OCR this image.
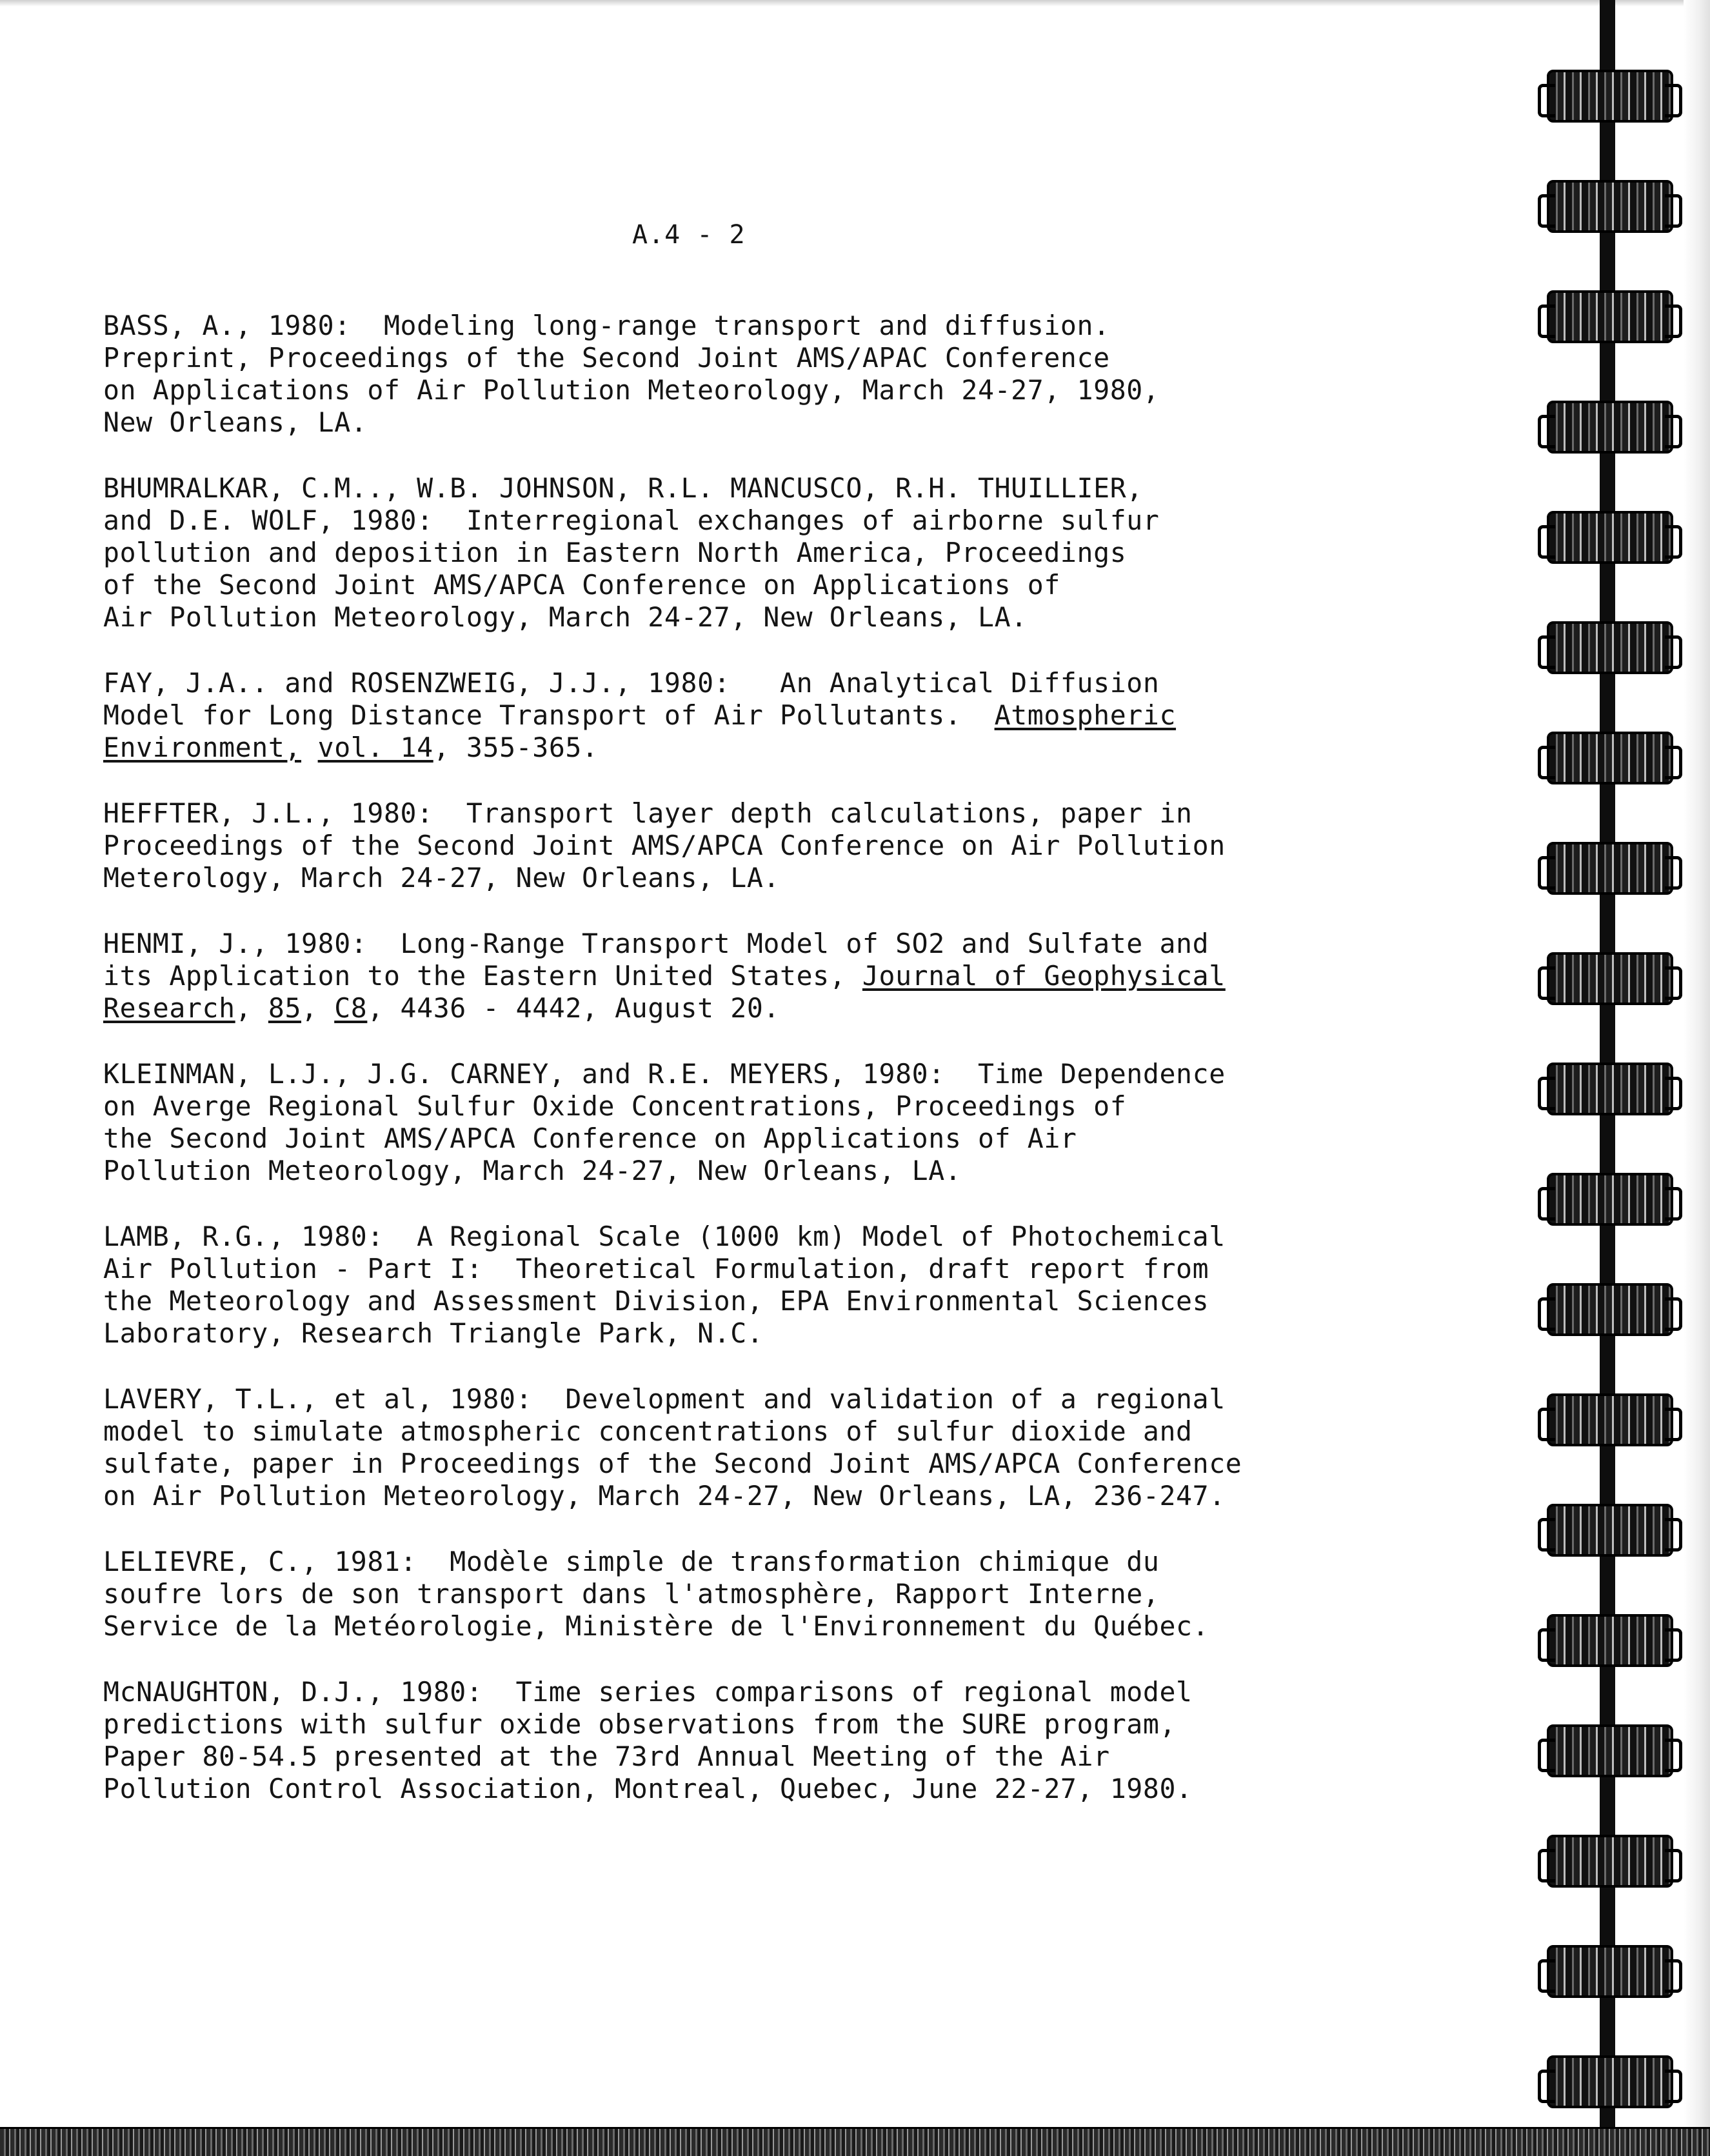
A.4 - 2
BASS, A., 1980:  Modeling long-range transport and diffusion.
Preprint, Proceedings of the Second Joint AMS/APAC Conference
on Applications of Air Pollution Meteorology, March 24-27, 1980,
New Orleans, LA.
BHUMRALKAR, C.M.., W.B. JOHNSON, R.L. MANCUSCO, R.H. THUILLIER,
and D.E. WOLF, 1980:  Interregional exchanges of airborne sulfur
pollution and deposition in Eastern North America, Proceedings
of the Second Joint AMS/APCA Conference on Applications of
Air Pollution Meteorology, March 24-27, New Orleans, LA.
FAY, J.A.. and ROSENZWEIG, J.J., 1980:   An Analytical Diffusion
Model for Long Distance Transport of Air Pollutants.  Atmospheric
Environment, vol. 14, 355-365.
HEFFTER, J.L., 1980:  Transport layer depth calculations, paper in
Proceedings of the Second Joint AMS/APCA Conference on Air Pollution
Meterology, March 24-27, New Orleans, LA.
HENMI, J., 1980:  Long-Range Transport Model of SO2 and Sulfate and
its Application to the Eastern United States, Journal of Geophysical
Research, 85, C8, 4436 - 4442, August 20.
KLEINMAN, L.J., J.G. CARNEY, and R.E. MEYERS, 1980:  Time Dependence
on Averge Regional Sulfur Oxide Concentrations, Proceedings of
the Second Joint AMS/APCA Conference on Applications of Air
Pollution Meteorology, March 24-27, New Orleans, LA.
LAMB, R.G., 1980:  A Regional Scale (1000 km) Model of Photochemical
Air Pollution - Part I:  Theoretical Formulation, draft report from
the Meteorology and Assessment Division, EPA Environmental Sciences
Laboratory, Research Triangle Park, N.C.
LAVERY, T.L., et al, 1980:  Development and validation of a regional
model to simulate atmospheric concentrations of sulfur dioxide and
sulfate, paper in Proceedings of the Second Joint AMS/APCA Conference
on Air Pollution Meteorology, March 24-27, New Orleans, LA, 236-247.
LELIEVRE, C., 1981:  Modèle simple de transformation chimique du
soufre lors de son transport dans l'atmosphère, Rapport Interne,
Service de la Metéorologie, Ministère de l'Environnement du Québec.
McNAUGHTON, D.J., 1980:  Time series comparisons of regional model
predictions with sulfur oxide observations from the SURE program,
Paper 80-54.5 presented at the 73rd Annual Meeting of the Air
Pollution Control Association, Montreal, Quebec, June 22-27, 1980.
